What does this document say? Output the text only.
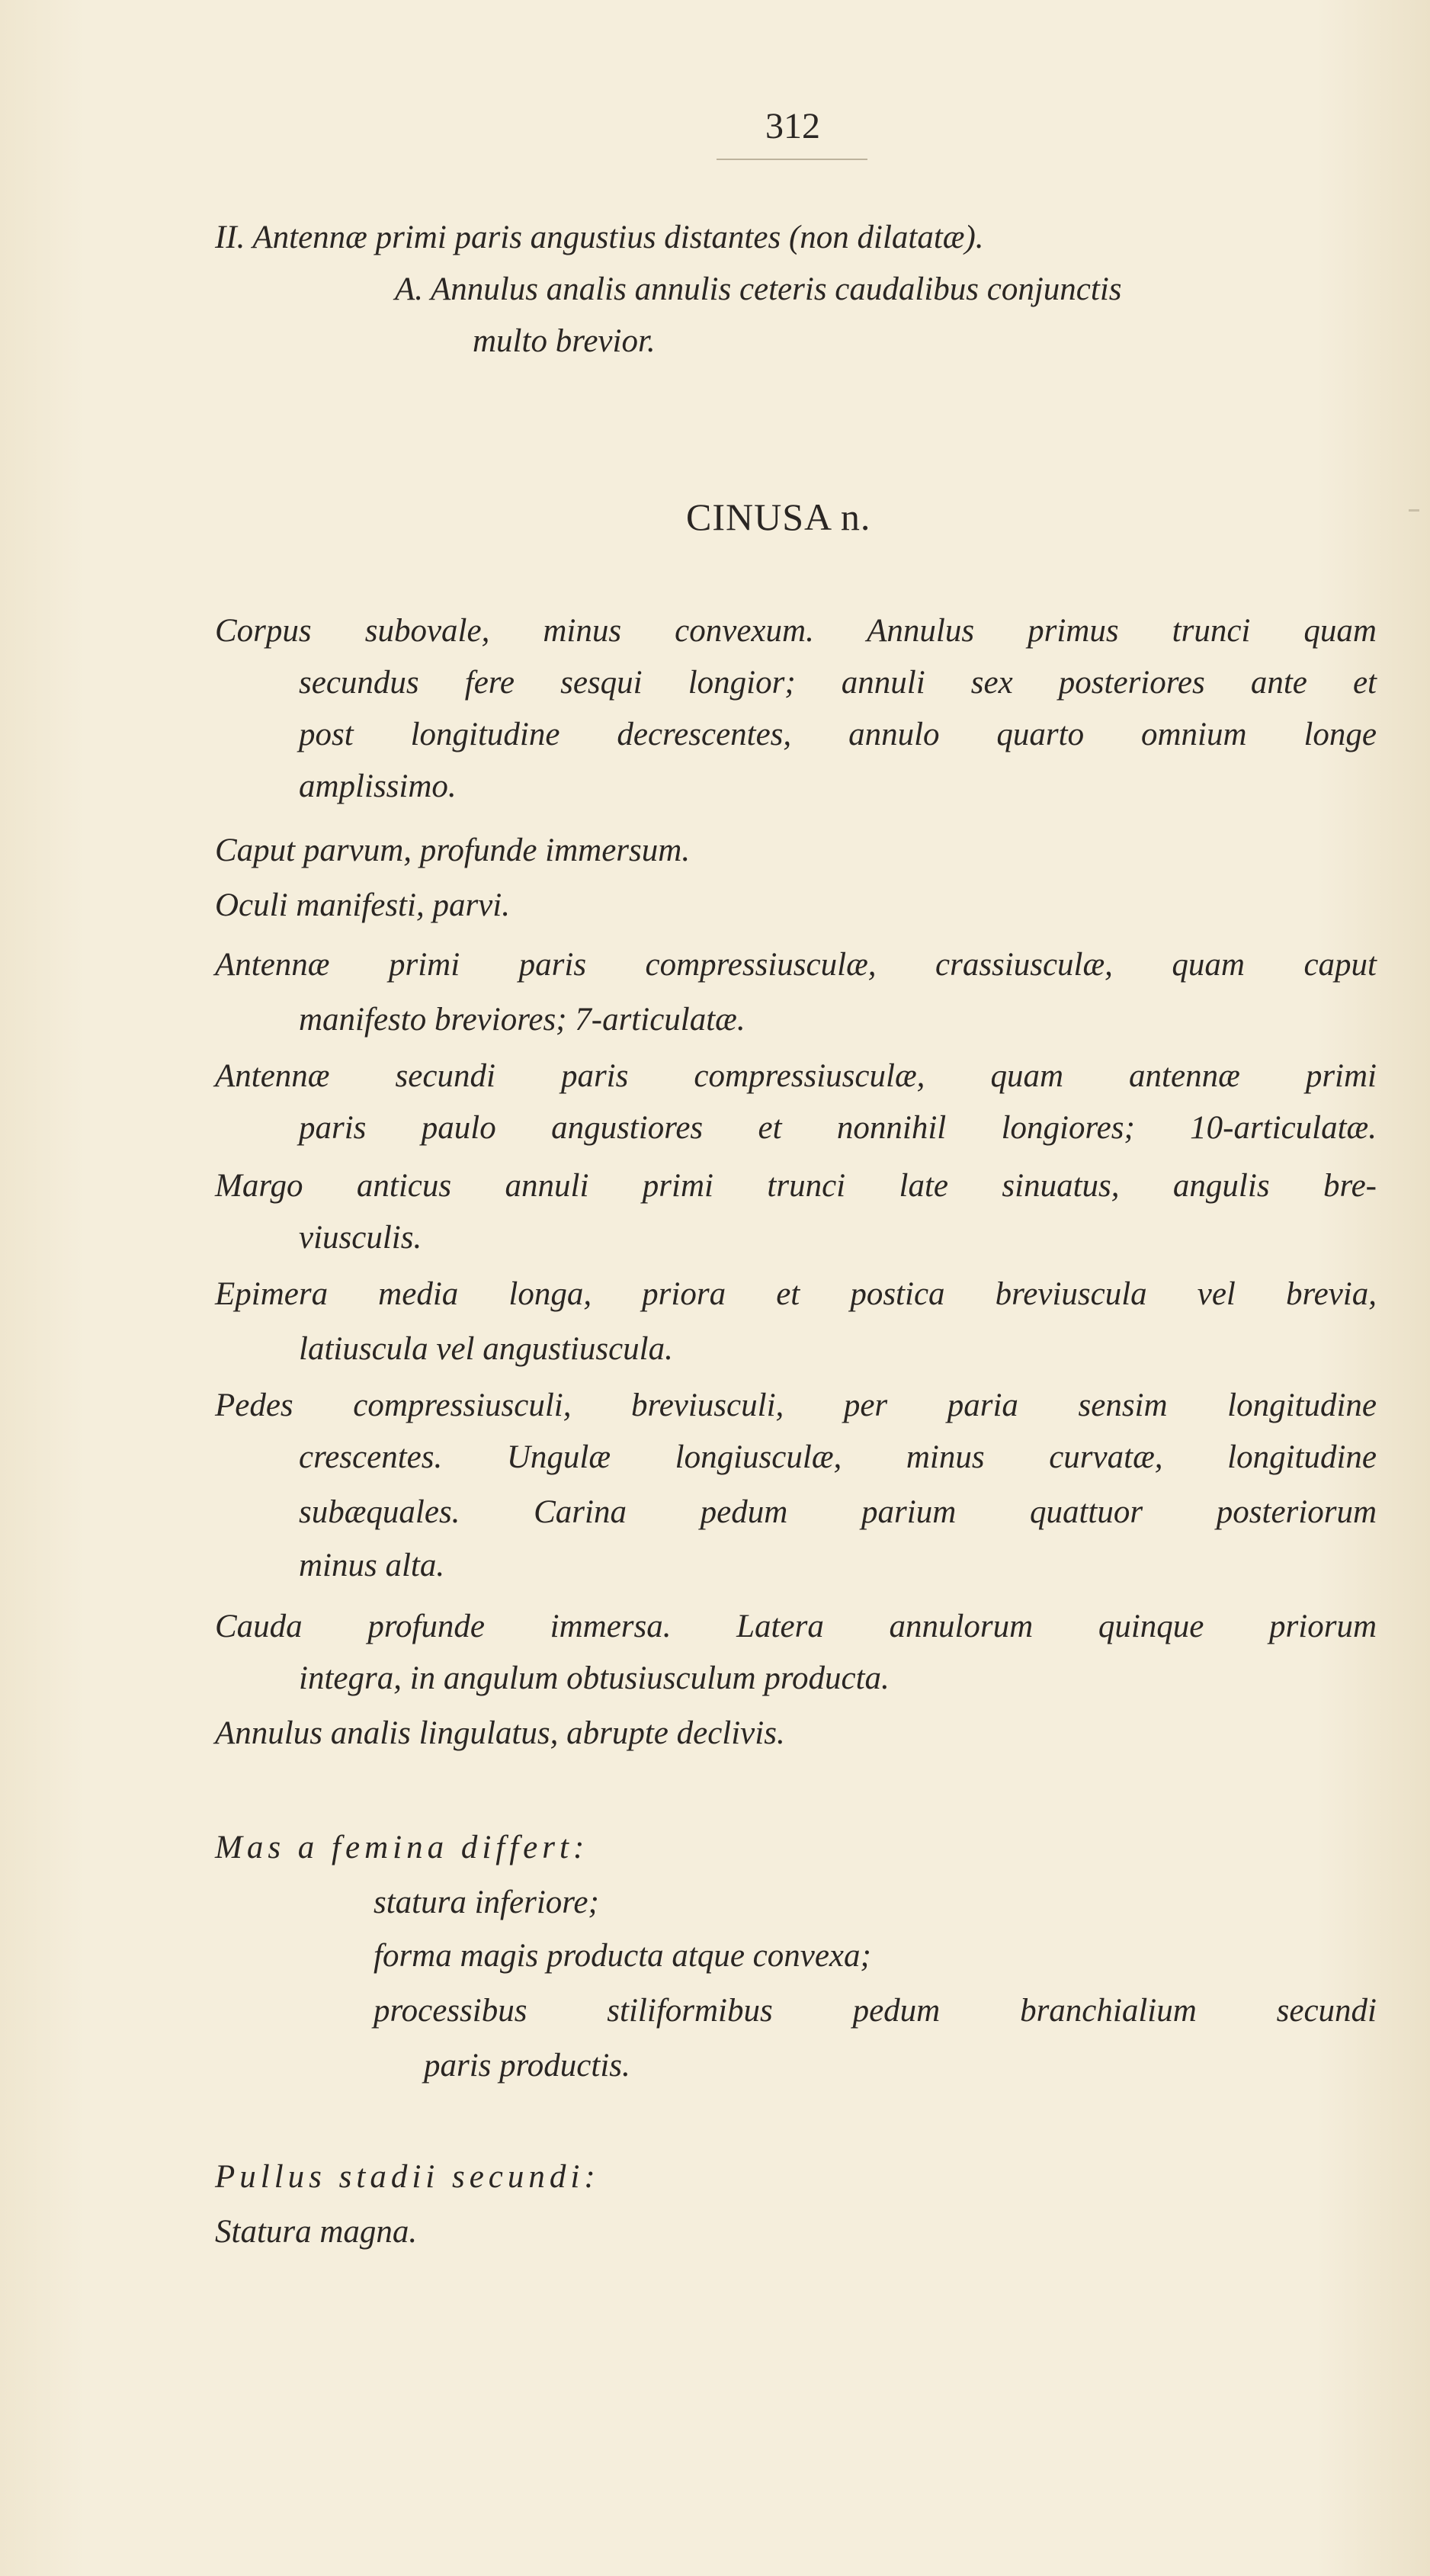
312
II. Antennæ primi paris angustius distantes (non dilatatæ).
A. Annulus analis annulis ceteris caudalibus conjunctis
multo brevior.
CINUSA n.
Corpus subovale, minus convexum. Annulus primus trunci quam
secundus fere sesqui longior; annuli sex posteriores ante et
post longitudine decrescentes, annulo quarto omnium longe
amplissimo.
Caput parvum, profunde immersum.
Oculi manifesti, parvi.
Antennæ primi paris compressiusculæ, crassiusculæ, quam caput
manifesto breviores; 7-articulatæ.
Antennæ secundi paris compressiusculæ, quam antennæ primi
paris paulo angustiores et nonnihil longiores; 10-articulatæ.
Margo anticus annuli primi trunci late sinuatus, angulis bre-
viusculis.
Epimera media longa, priora et postica breviuscula vel brevia,
latiuscula vel angustiuscula.
Pedes compressiusculi, breviusculi, per paria sensim longitudine
crescentes. Ungulæ longiusculæ, minus curvatæ, longitudine
subæquales. Carina pedum parium quattuor posteriorum
minus alta.
Cauda profunde immersa. Latera annulorum quinque priorum
integra, in angulum obtusiusculum producta.
Annulus analis lingulatus, abrupte declivis.
Mas a femina differt:
statura inferiore;
forma magis producta atque convexa;
processibus stiliformibus pedum branchialium secundi
paris productis.
Pullus stadii secundi:
Statura magna.
